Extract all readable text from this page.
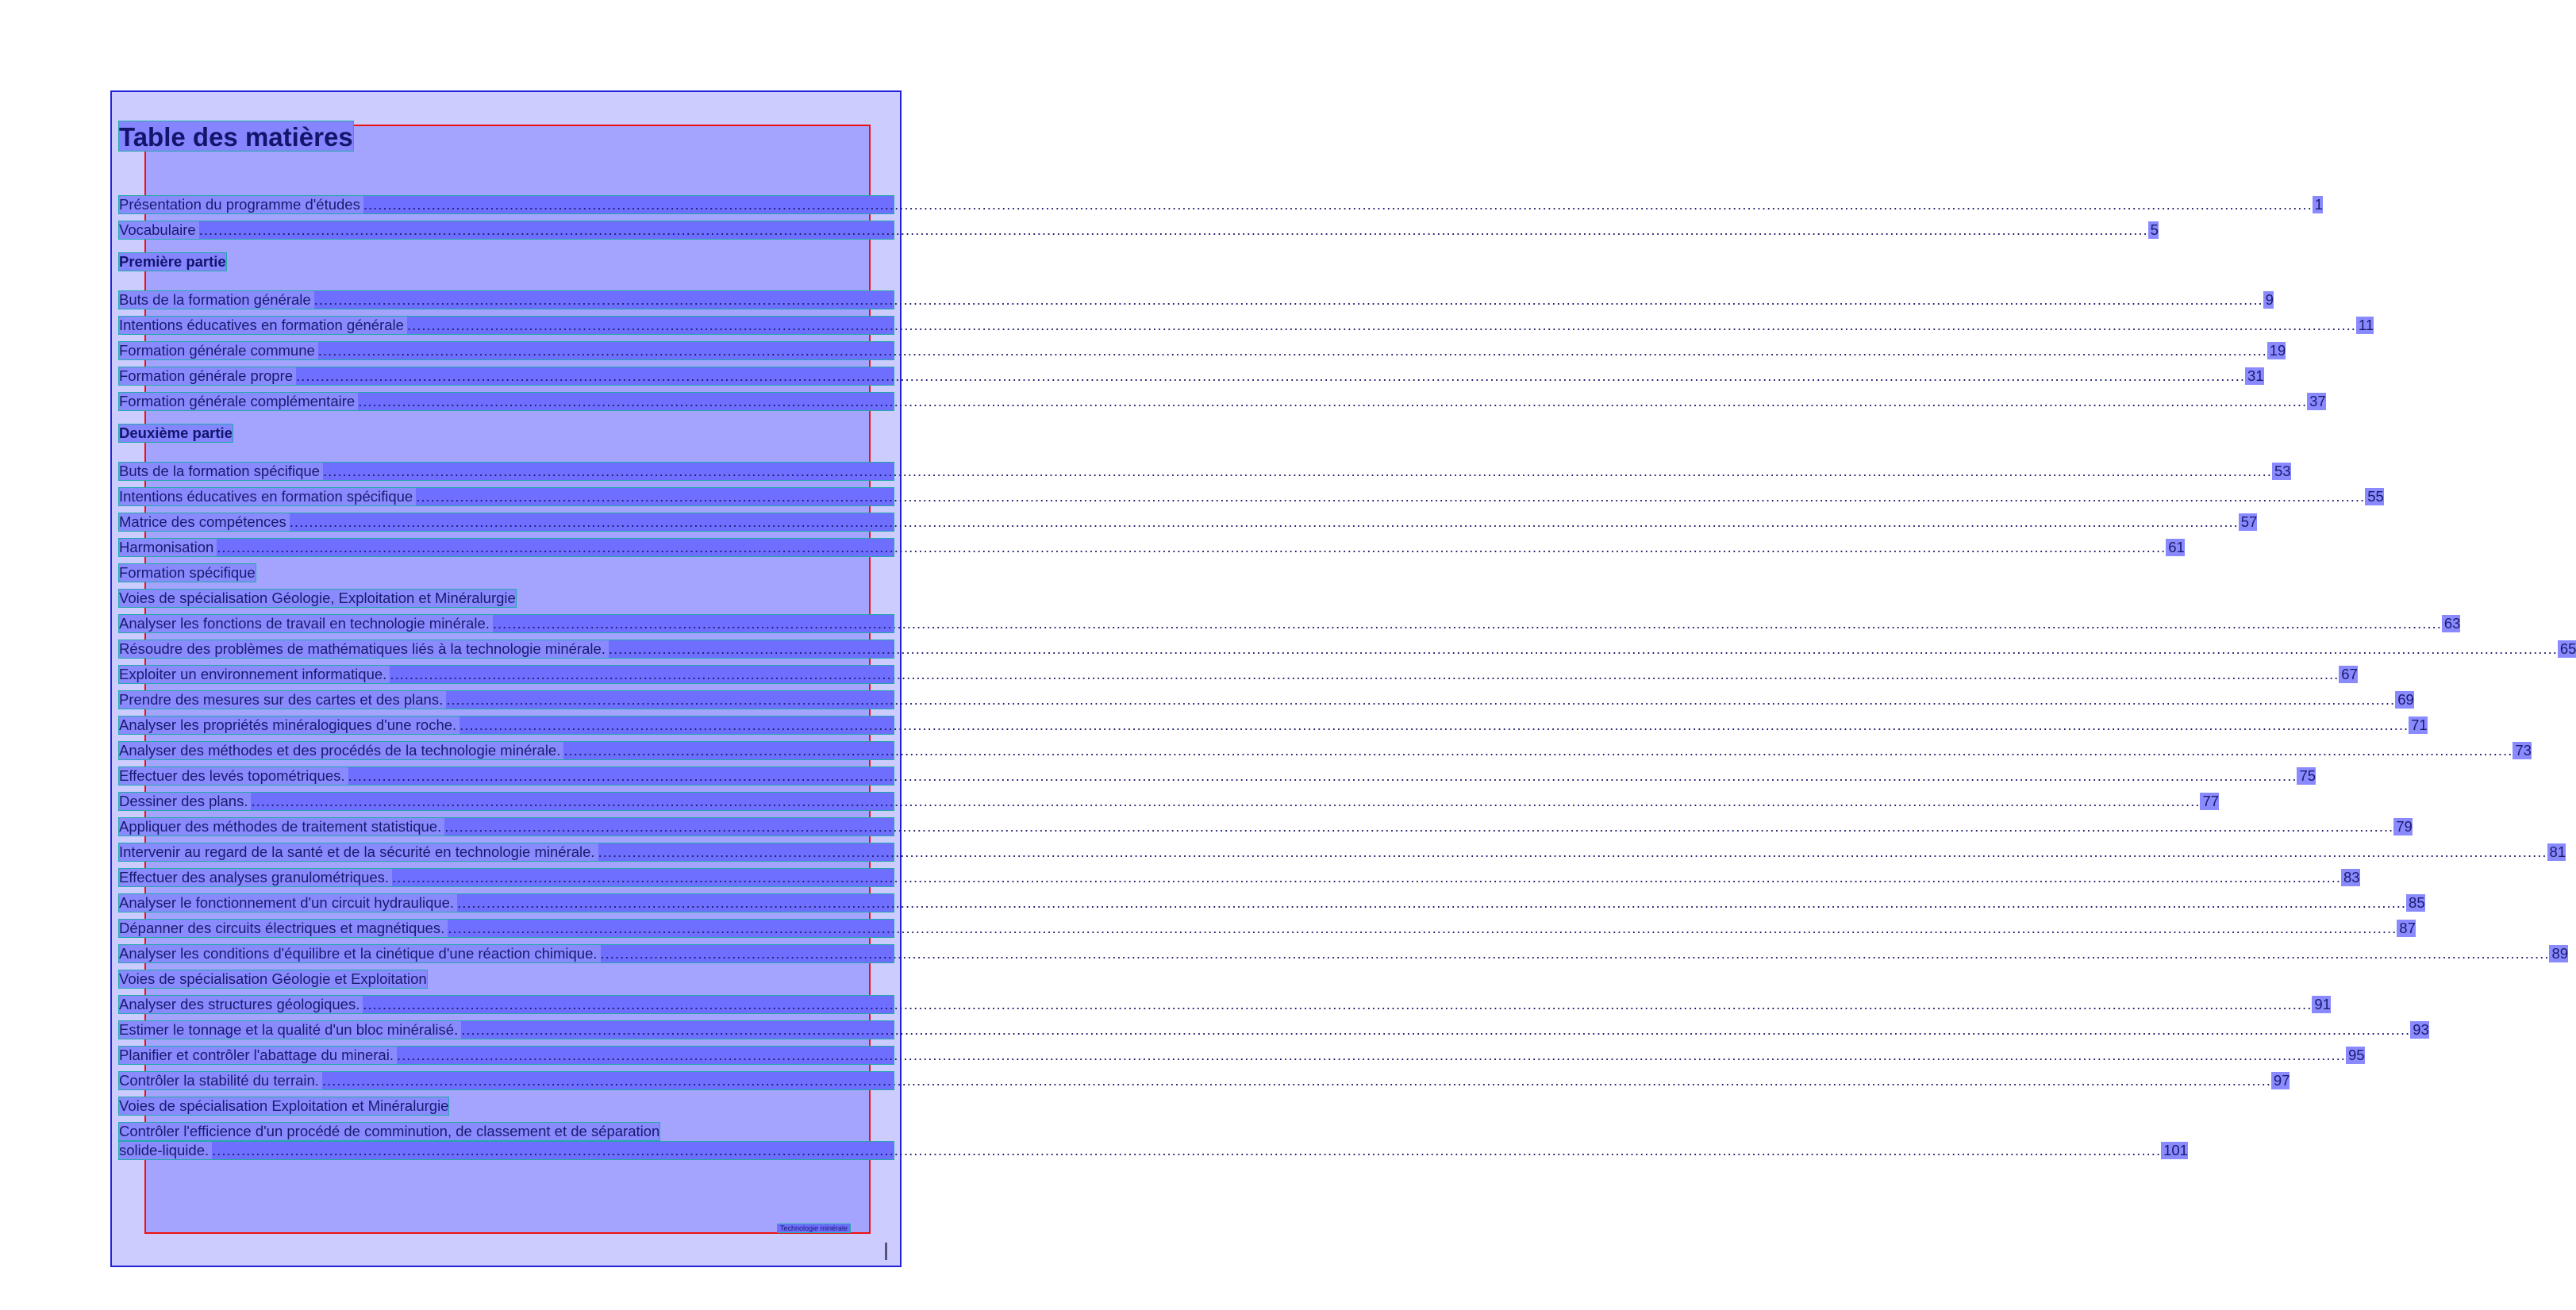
Table des matières
Présentation du programme d'études ................................................................................................................................................................................................................................................................................................................................................................................................................ 1
Vocabulaire ................................................................................................................................................................................................................................................................................................................................................................................................................ 5
Première partie
Buts de la formation générale ................................................................................................................................................................................................................................................................................................................................................................................................................ 9
Intentions éducatives en formation générale ................................................................................................................................................................................................................................................................................................................................................................................................................ 11
Formation générale commune ................................................................................................................................................................................................................................................................................................................................................................................................................ 19
Formation générale propre ................................................................................................................................................................................................................................................................................................................................................................................................................ 31
Formation générale complémentaire ................................................................................................................................................................................................................................................................................................................................................................................................................ 37
Deuxième partie
Buts de la formation spécifique ................................................................................................................................................................................................................................................................................................................................................................................................................ 53
Intentions éducatives en formation spécifique ................................................................................................................................................................................................................................................................................................................................................................................................................ 55
Matrice des compétences ................................................................................................................................................................................................................................................................................................................................................................................................................ 57
Harmonisation ................................................................................................................................................................................................................................................................................................................................................................................................................ 61
Formation spécifique
Voies de spécialisation Géologie, Exploitation et Minéralurgie
Analyser les fonctions de travail en technologie minérale. ................................................................................................................................................................................................................................................................................................................................................................................................................ 63
Résoudre des problèmes de mathématiques liés à la technologie minérale. ................................................................................................................................................................................................................................................................................................................................................................................................................ 65
Exploiter un environnement informatique. ................................................................................................................................................................................................................................................................................................................................................................................................................ 67
Prendre des mesures sur des cartes et des plans. ................................................................................................................................................................................................................................................................................................................................................................................................................ 69
Analyser les propriétés minéralogiques d'une roche. ................................................................................................................................................................................................................................................................................................................................................................................................................ 71
Analyser des méthodes et des procédés de la technologie minérale. ................................................................................................................................................................................................................................................................................................................................................................................................................ 73
Effectuer des levés topométriques. ................................................................................................................................................................................................................................................................................................................................................................................................................ 75
Dessiner des plans. ................................................................................................................................................................................................................................................................................................................................................................................................................ 77
Appliquer des méthodes de traitement statistique. ................................................................................................................................................................................................................................................................................................................................................................................................................ 79
Intervenir au regard de la santé et de la sécurité en technologie minérale. ................................................................................................................................................................................................................................................................................................................................................................................................................ 81
Effectuer des analyses granulométriques. ................................................................................................................................................................................................................................................................................................................................................................................................................ 83
Analyser le fonctionnement d'un circuit hydraulique. ................................................................................................................................................................................................................................................................................................................................................................................................................ 85
Dépanner des circuits électriques et magnétiques. ................................................................................................................................................................................................................................................................................................................................................................................................................ 87
Analyser les conditions d'équilibre et la cinétique d'une réaction chimique. ................................................................................................................................................................................................................................................................................................................................................................................................................ 89
Voies de spécialisation Géologie et Exploitation
Analyser des structures géologiques. ................................................................................................................................................................................................................................................................................................................................................................................................................ 91
Estimer le tonnage et la qualité d'un bloc minéralisé. ................................................................................................................................................................................................................................................................................................................................................................................................................ 93
Planifier et contrôler l'abattage du minerai. ................................................................................................................................................................................................................................................................................................................................................................................................................ 95
Contrôler la stabilité du terrain. ................................................................................................................................................................................................................................................................................................................................................................................................................ 97
Voies de spécialisation Exploitation et Minéralurgie
Contrôler l'efficience d'un procédé de comminution, de classement et de séparation
solide-liquide. ................................................................................................................................................................................................................................................................................................................................................................................................................ 101
Technologie minérale
